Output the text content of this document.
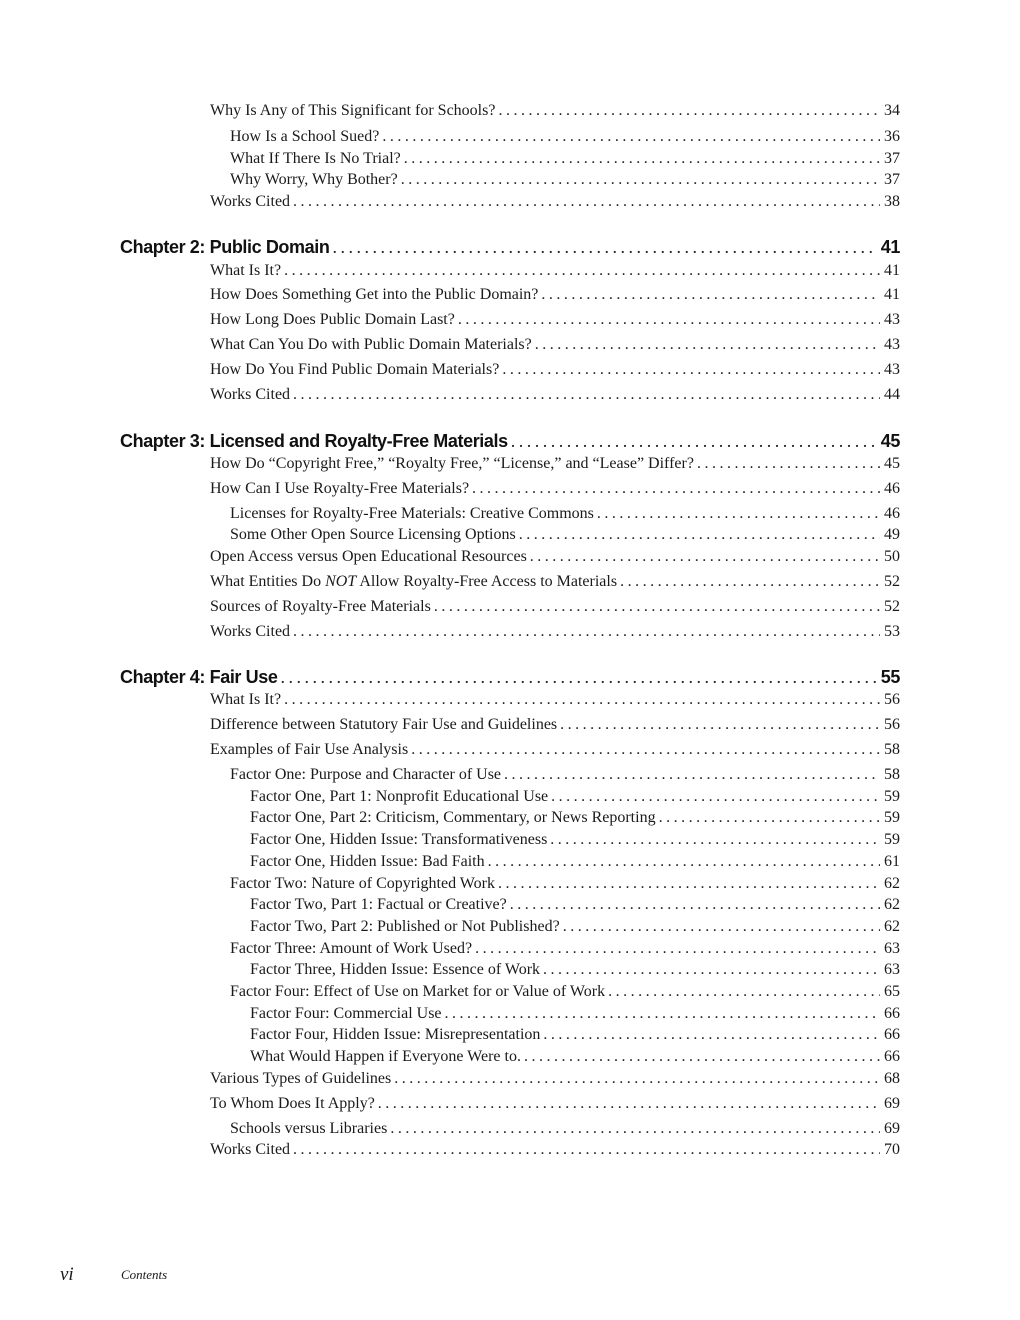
Why Is Any of This Significant for Schools? .....	34
How Is a School Sued? .....	36
What If There Is No Trial? .....	37
Why Worry, Why Bother? .....	37
Works Cited .....	38
Chapter 2: Public Domain .....	41
What Is It? .....	41
How Does Something Get into the Public Domain? .....	41
How Long Does Public Domain Last? .....	43
What Can You Do with Public Domain Materials? .....	43
How Do You Find Public Domain Materials? .....	43
Works Cited .....	44
Chapter 3: Licensed and Royalty-Free Materials .....	45
How Do “Copyright Free,” “Royalty Free,” “License,” and “Lease” Differ? .....	45
How Can I Use Royalty-Free Materials? .....	46
Licenses for Royalty-Free Materials: Creative Commons .....	46
Some Other Open Source Licensing Options .....	49
Open Access versus Open Educational Resources .....	50
What Entities Do NOT Allow Royalty-Free Access to Materials .....	52
Sources of Royalty-Free Materials .....	52
Works Cited .....	53
Chapter 4: Fair Use .....	55
What Is It? .....	56
Difference between Statutory Fair Use and Guidelines .....	56
Examples of Fair Use Analysis .....	58
Factor One: Purpose and Character of Use .....	58
Factor One, Part 1: Nonprofit Educational Use .....	59
Factor One, Part 2: Criticism, Commentary, or News Reporting .....	59
Factor One, Hidden Issue: Transformativeness .....	59
Factor One, Hidden Issue: Bad Faith .....	61
Factor Two: Nature of Copyrighted Work .....	62
Factor Two, Part 1: Factual or Creative? .....	62
Factor Two, Part 2: Published or Not Published? .....	62
Factor Three: Amount of Work Used? .....	63
Factor Three, Hidden Issue: Essence of Work .....	63
Factor Four: Effect of Use on Market for or Value of Work .....	65
Factor Four: Commercial Use .....	66
Factor Four, Hidden Issue: Misrepresentation .....	66
What Would Happen if Everyone Were to. .....	66
Various Types of Guidelines .....	68
To Whom Does It Apply? .....	69
Schools versus Libraries .....	69
Works Cited .....	70
vi	Contents
